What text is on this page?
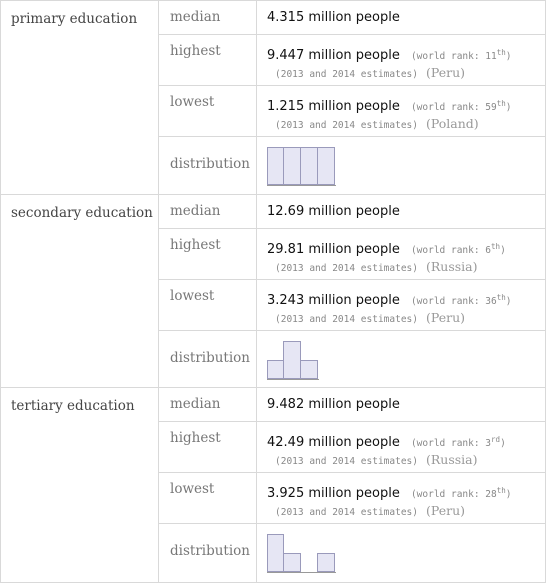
primary education	median	4.315 million people
highest	9.447 million people (world rank: 11th)
(2013 and 2014 estimates) (Peru)
lowest	1.215 million people (world rank: 59th)
(2013 and 2014 estimates) (Poland)
distribution
secondary education	median	12.69 million people
highest	29.81 million people (world rank: 6th)
(2013 and 2014 estimates) (Russia)
lowest	3.243 million people (world rank: 36th)
(2013 and 2014 estimates) (Peru)
distribution
tertiary education	median	9.482 million people
highest	42.49 million people (world rank: 3rd)
(2013 and 2014 estimates) (Russia)
lowest	3.925 million people (world rank: 28th)
(2013 and 2014 estimates) (Peru)
distribution
